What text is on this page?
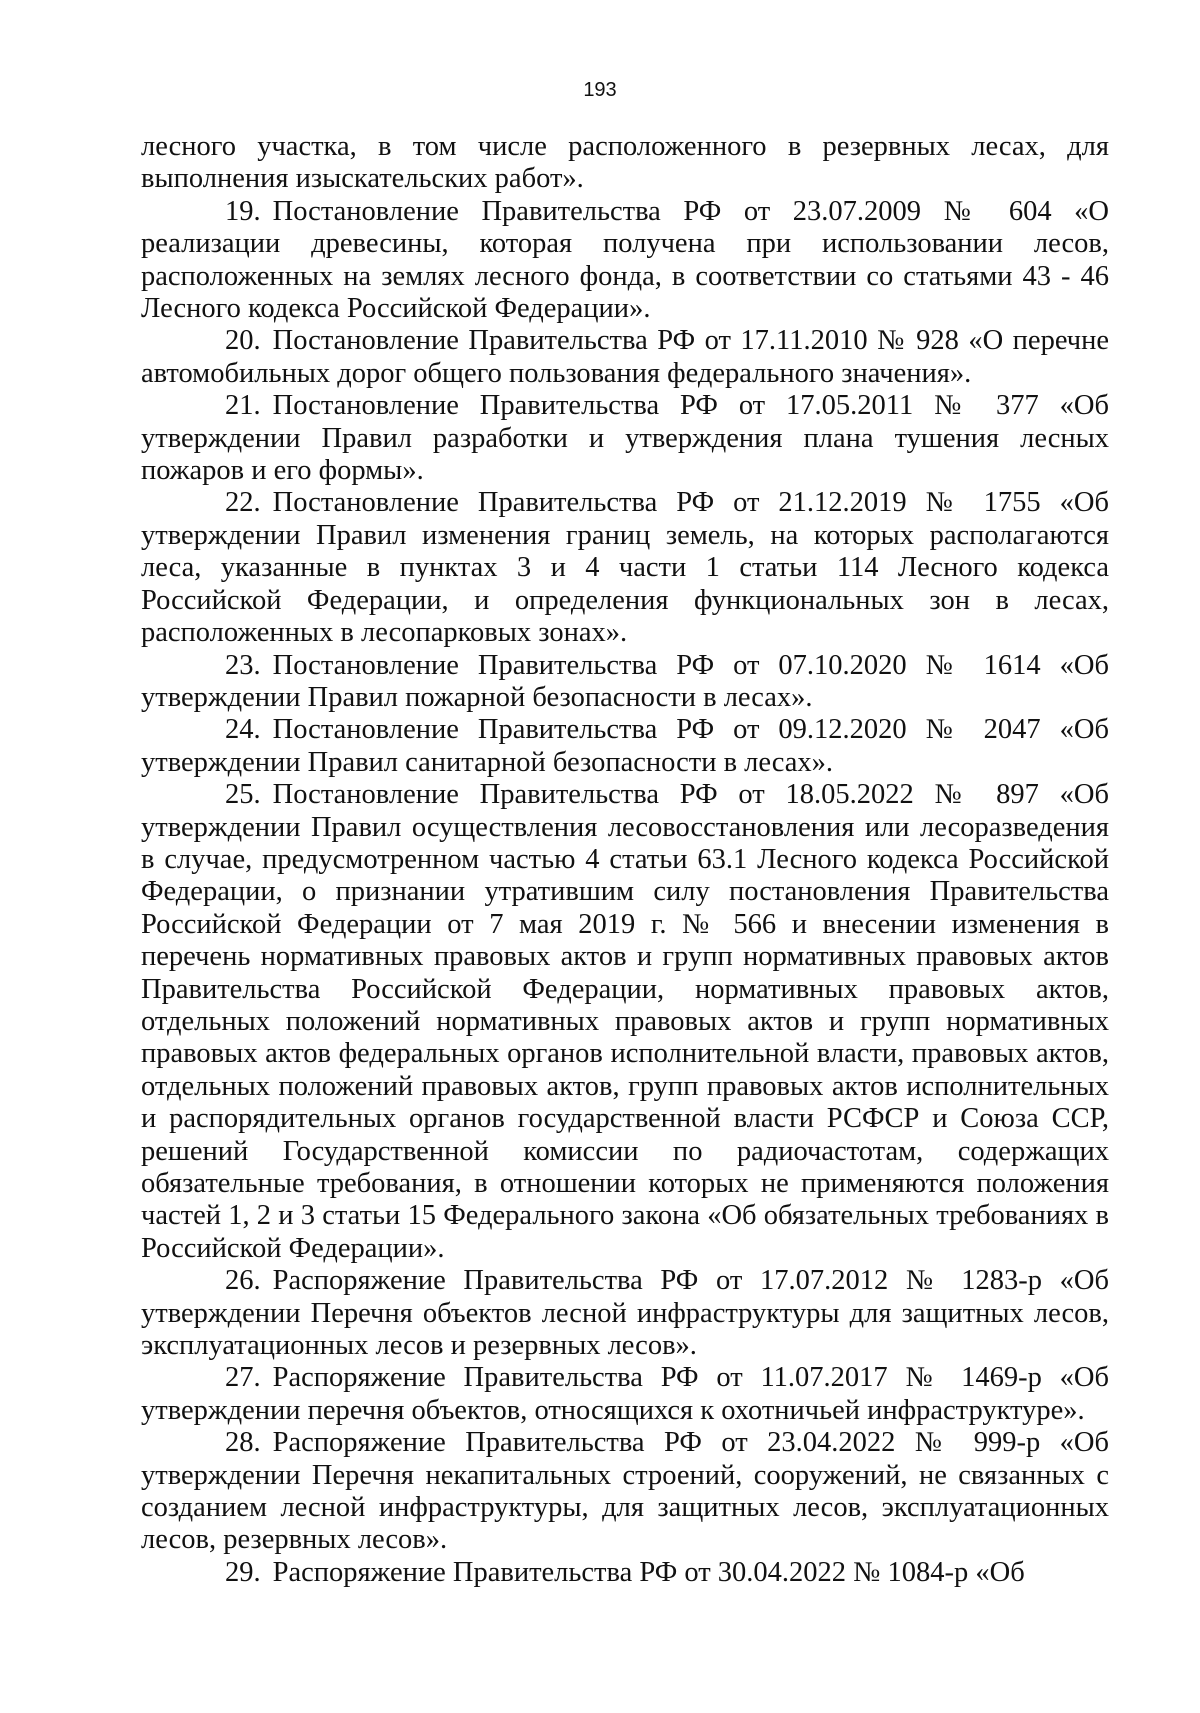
193

лесного участка, в том числе расположенного в резервных лесах, для выполнения изыскательских работ».

19. Постановление Правительства РФ от 23.07.2009 № 604 «О реализации древесины, которая получена при использовании лесов, расположенных на землях лесного фонда, в соответствии со статьями 43 - 46 Лесного кодекса Российской Федерации».

20. Постановление Правительства РФ от 17.11.2010 № 928 «О перечне автомобильных дорог общего пользования федерального значения».

21. Постановление Правительства РФ от 17.05.2011 № 377 «Об утверждении Правил разработки и утверждения плана тушения лесных пожаров и его формы».

22. Постановление Правительства РФ от 21.12.2019 № 1755 «Об утверждении Правил изменения границ земель, на которых располагаются леса, указанные в пунктах 3 и 4 части 1 статьи 114 Лесного кодекса Российской Федерации, и определения функциональных зон в лесах, расположенных в лесопарковых зонах».

23. Постановление Правительства РФ от 07.10.2020 № 1614 «Об утверждении Правил пожарной безопасности в лесах».

24. Постановление Правительства РФ от 09.12.2020 № 2047 «Об утверждении Правил санитарной безопасности в лесах».

25. Постановление Правительства РФ от 18.05.2022 № 897 «Об утверждении Правил осуществления лесовосстановления или лесоразведения в случае, предусмотренном частью 4 статьи 63.1 Лесного кодекса Российской Федерации, о признании утратившим силу постановления Правительства Российской Федерации от 7 мая 2019 г. № 566 и внесении изменения в перечень нормативных правовых актов и групп нормативных правовых актов Правительства Российской Федерации, нормативных правовых актов, отдельных положений нормативных правовых актов и групп нормативных правовых актов федеральных органов исполнительной власти, правовых актов, отдельных положений правовых актов, групп правовых актов исполнительных и распорядительных органов государственной власти РСФСР и Союза ССР, решений Государственной комиссии по радиочастотам, содержащих обязательные требования, в отношении которых не применяются положения частей 1, 2 и 3 статьи 15 Федерального закона «Об обязательных требованиях в Российской Федерации».

26. Распоряжение Правительства РФ от 17.07.2012 № 1283-р «Об утверждении Перечня объектов лесной инфраструктуры для защитных лесов, эксплуатационных лесов и резервных лесов».

27. Распоряжение Правительства РФ от 11.07.2017 № 1469-р «Об утверждении перечня объектов, относящихся к охотничьей инфраструктуре».

28. Распоряжение Правительства РФ от 23.04.2022 № 999-р «Об утверждении Перечня некапитальных строений, сооружений, не связанных с созданием лесной инфраструктуры, для защитных лесов, эксплуатационных лесов, резервных лесов».

29. Распоряжение Правительства РФ от 30.04.2022 № 1084-р «Об
